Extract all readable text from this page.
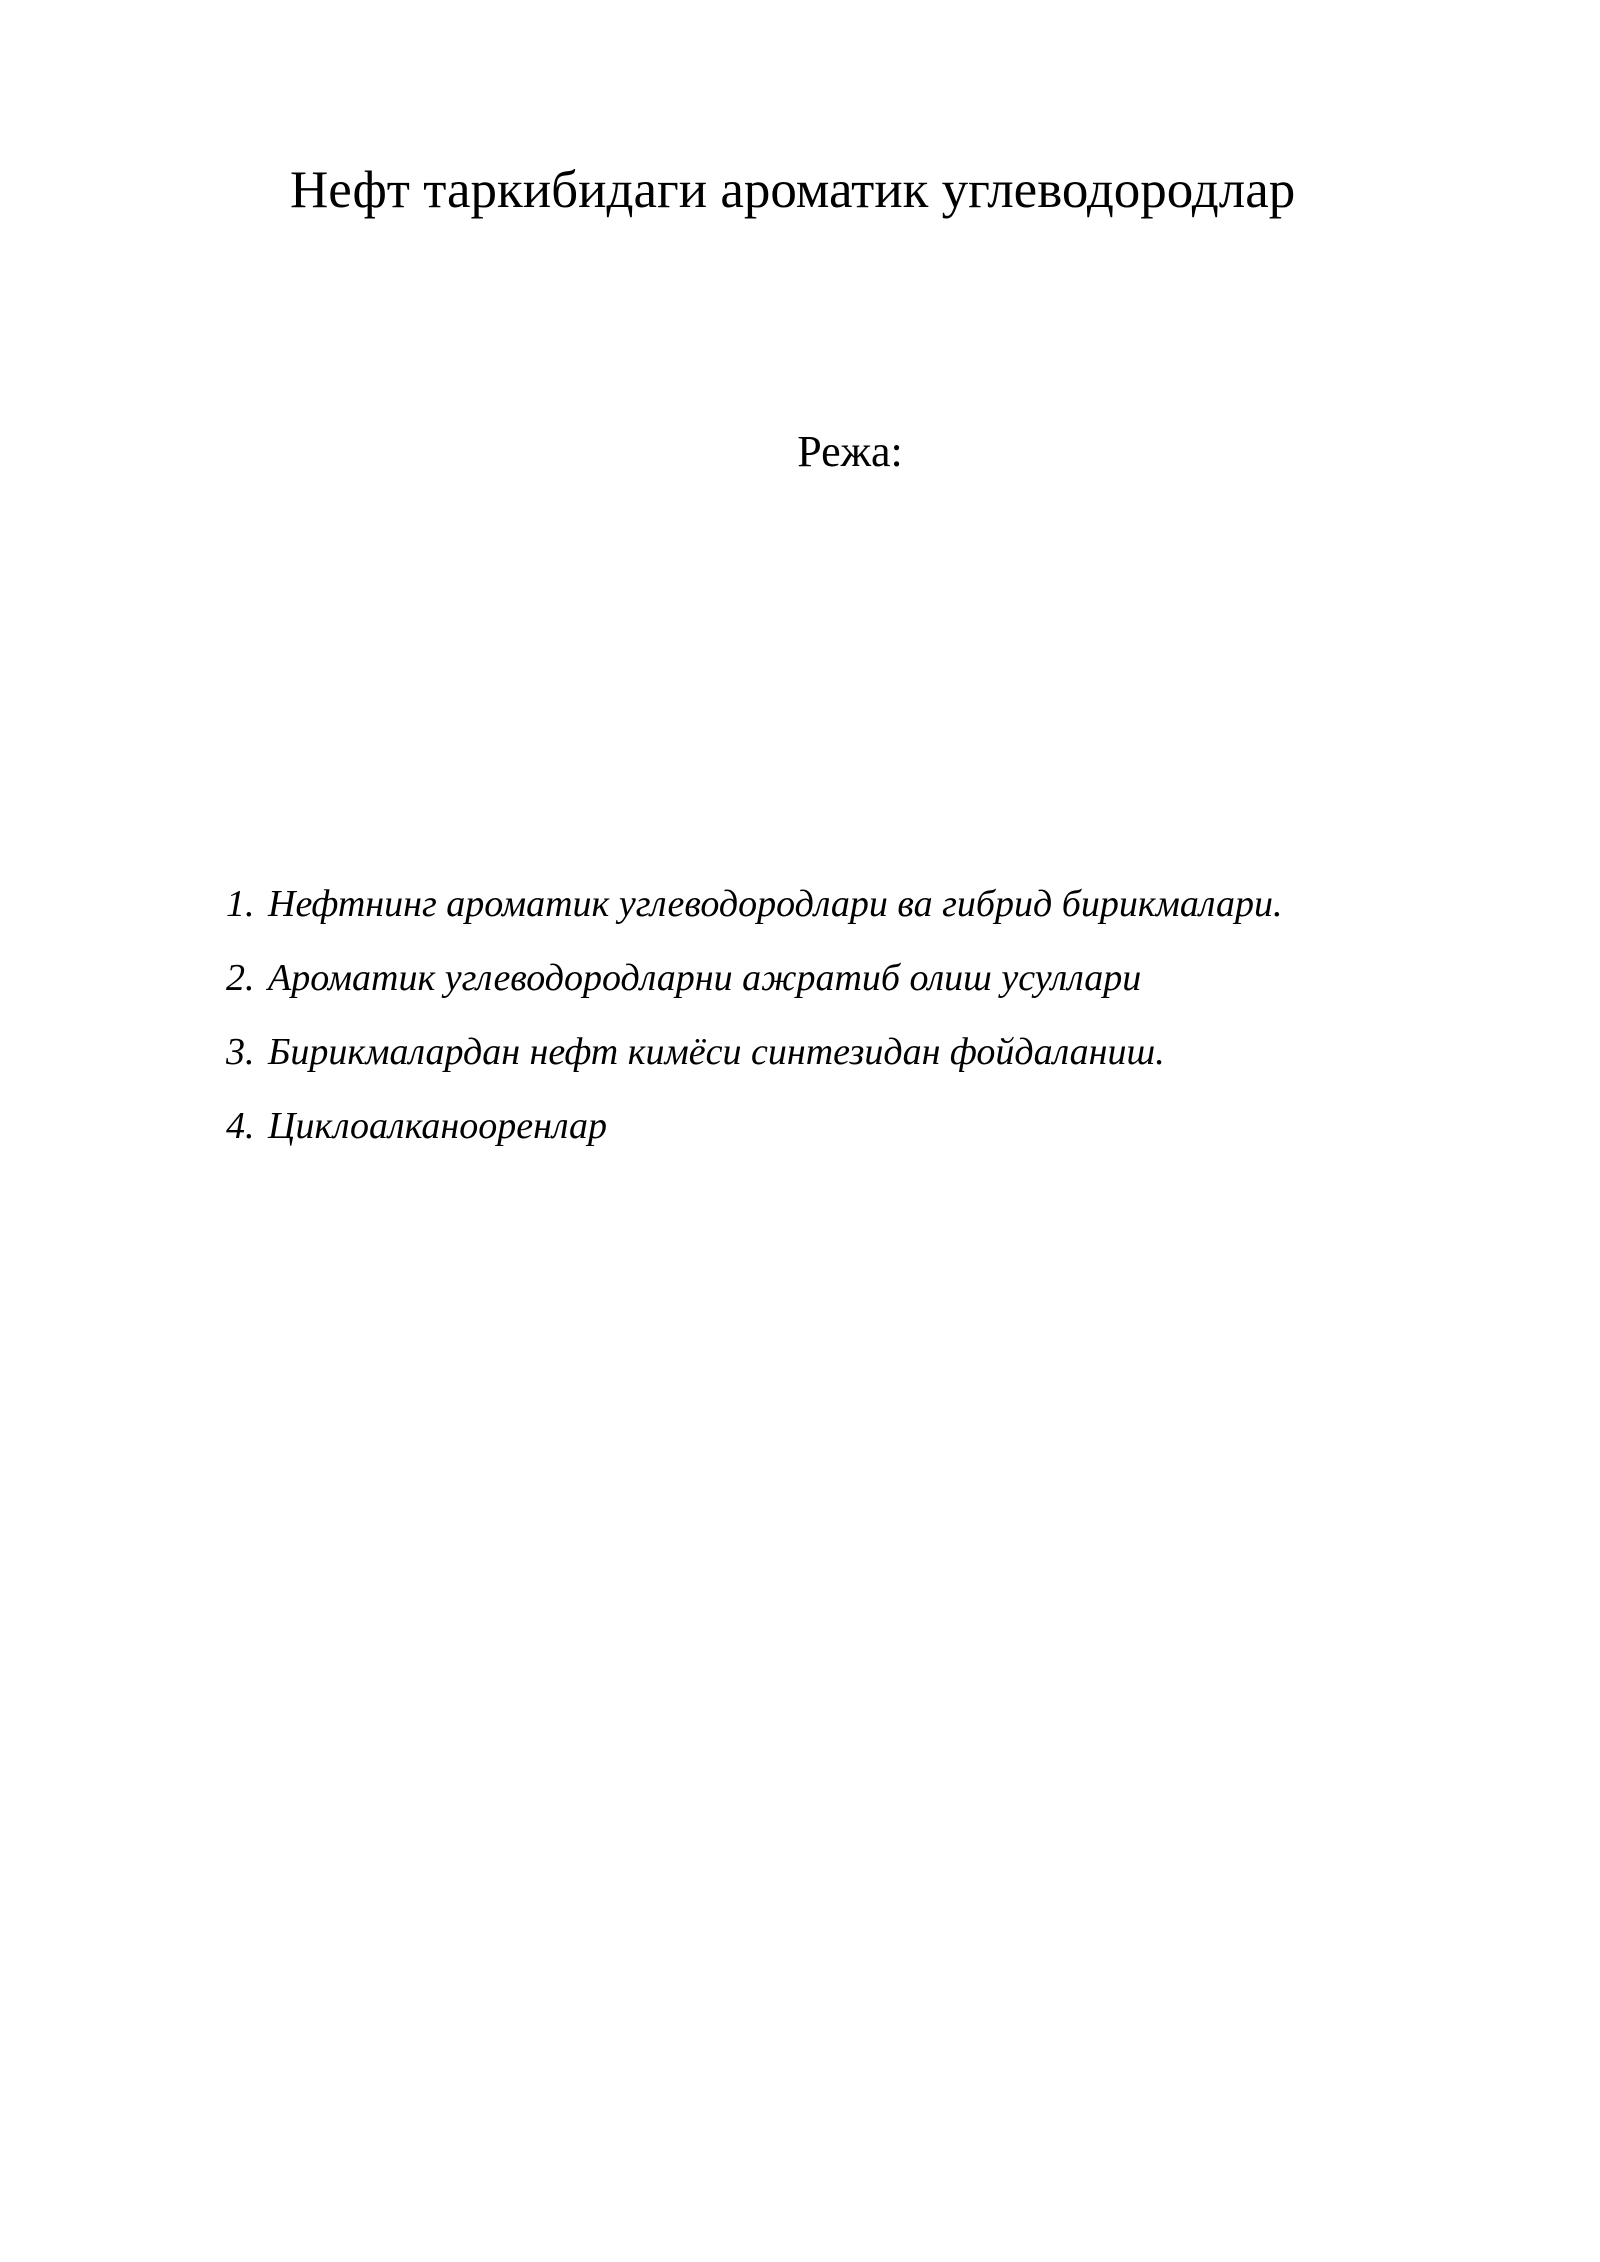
Нефт таркибидаги ароматик углеводородлар
Режа:
1. Нефтнинг ароматик углеводородлари ва гибрид бирикмалари.
2. Ароматик углеводородларни ажратиб олиш усуллари
3. Бирикмалардан нефт кимёси синтезидан фойдаланиш.
4. Циклоалканооренлар
